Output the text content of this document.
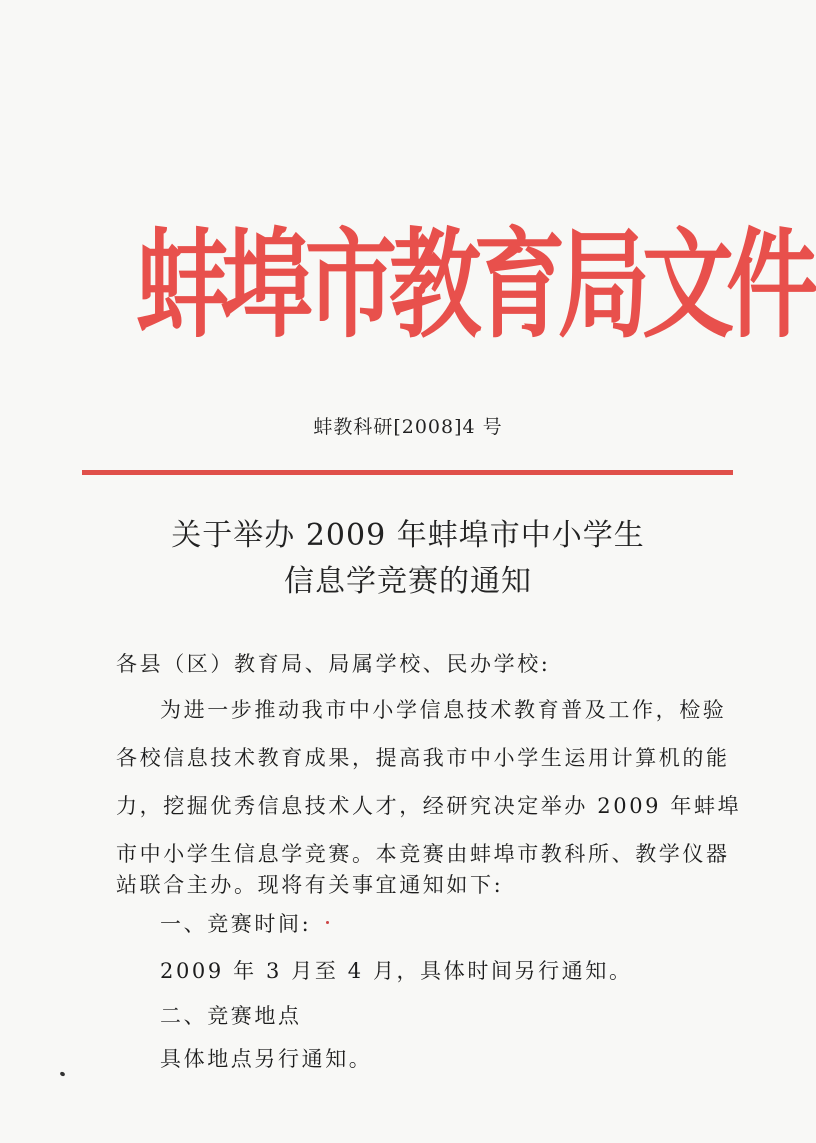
蚌埠市教育局文件
蚌教科研[2008]4 号
关于举办 2009 年蚌埠市中小学生
信息学竞赛的通知
各县（区）教育局、局属学校、民办学校:
为进一步推动我市中小学信息技术教育普及工作，检验
各校信息技术教育成果，提高我市中小学生运用计算机的能
力，挖掘优秀信息技术人才，经研究决定举办 2009 年蚌埠
市中小学生信息学竞赛。本竞赛由蚌埠市教科所、教学仪器
站联合主办。现将有关事宜通知如下:
一、竞赛时间:
2009 年 3 月至 4 月，具体时间另行通知。
二、竞赛地点
具体地点另行通知。
